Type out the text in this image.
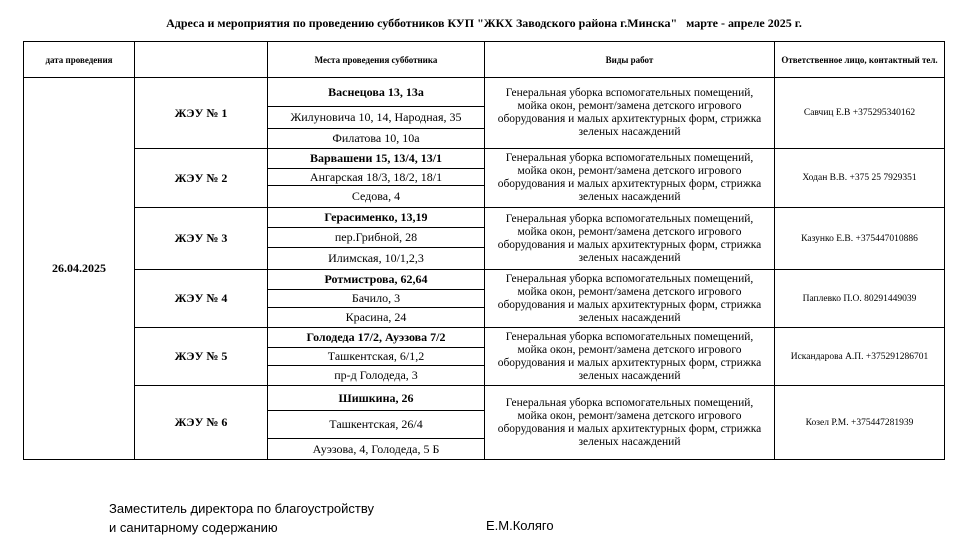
Адреса и мероприятия по проведению субботников КУП "ЖКХ Заводского района г.Минска"   марте - апреле 2025 г.
дата проведения		Места проведения субботника	Виды работ	Ответственное лицо, контактный тел.
26.04.2025	ЖЭУ № 1	Васнецова 13, 13а	Генеральная уборка вспомогательных помещений, мойка окон, ремонт/замена детского игрового оборудования и малых архитектурных форм, стрижка зеленых насаждений	Савчиц Е.В +375295340162
		Жилуновича 10, 14, Народная, 35		
		Филатова 10, 10а		
	ЖЭУ № 2	Варвашени 15, 13/4, 13/1	Генеральная уборка вспомогательных помещений, мойка окон, ремонт/замена детского игрового оборудования и малых архитектурных форм, стрижка зеленых насаждений	Ходан В.В. +375 25 7929351
		Ангарская 18/3, 18/2, 18/1		
		Седова, 4		
	ЖЭУ № 3	Герасименко, 13,19	Генеральная уборка вспомогательных помещений, мойка окон, ремонт/замена детского игрового оборудования и малых архитектурных форм, стрижка зеленых насаждений	Казунко Е.В. +375447010886
		пер.Грибной, 28		
		Илимская, 10/1,2,3		
	ЖЭУ № 4	Ротмистрова, 62,64	Генеральная уборка вспомогательных помещений, мойка окон, ремонт/замена детского игрового оборудования и малых архитектурных форм, стрижка зеленых насаждений	Паплевко П.О. 80291449039
		Бачило, 3		
		Красина, 24		
	ЖЭУ № 5	Голодеда 17/2, Ауэзова 7/2	Генеральная уборка вспомогательных помещений, мойка окон, ремонт/замена детского игрового оборудования и малых архитектурных форм, стрижка зеленых насаждений	Искандарова А.П. +375291286701
		Ташкентская, 6/1,2		
		пр-д Голодеда, 3		
	ЖЭУ № 6	Шишкина, 26	Генеральная уборка вспомогательных помещений, мойка окон, ремонт/замена детского игрового оборудования и малых архитектурных форм, стрижка зеленых насаждений	Козел Р.М. +375447281939
		Ташкентская, 26/4		
		Ауэзова, 4, Голодеда, 5 Б		
Заместитель директора по благоустройству
и санитарному содержанию	Е.М.Коляго
